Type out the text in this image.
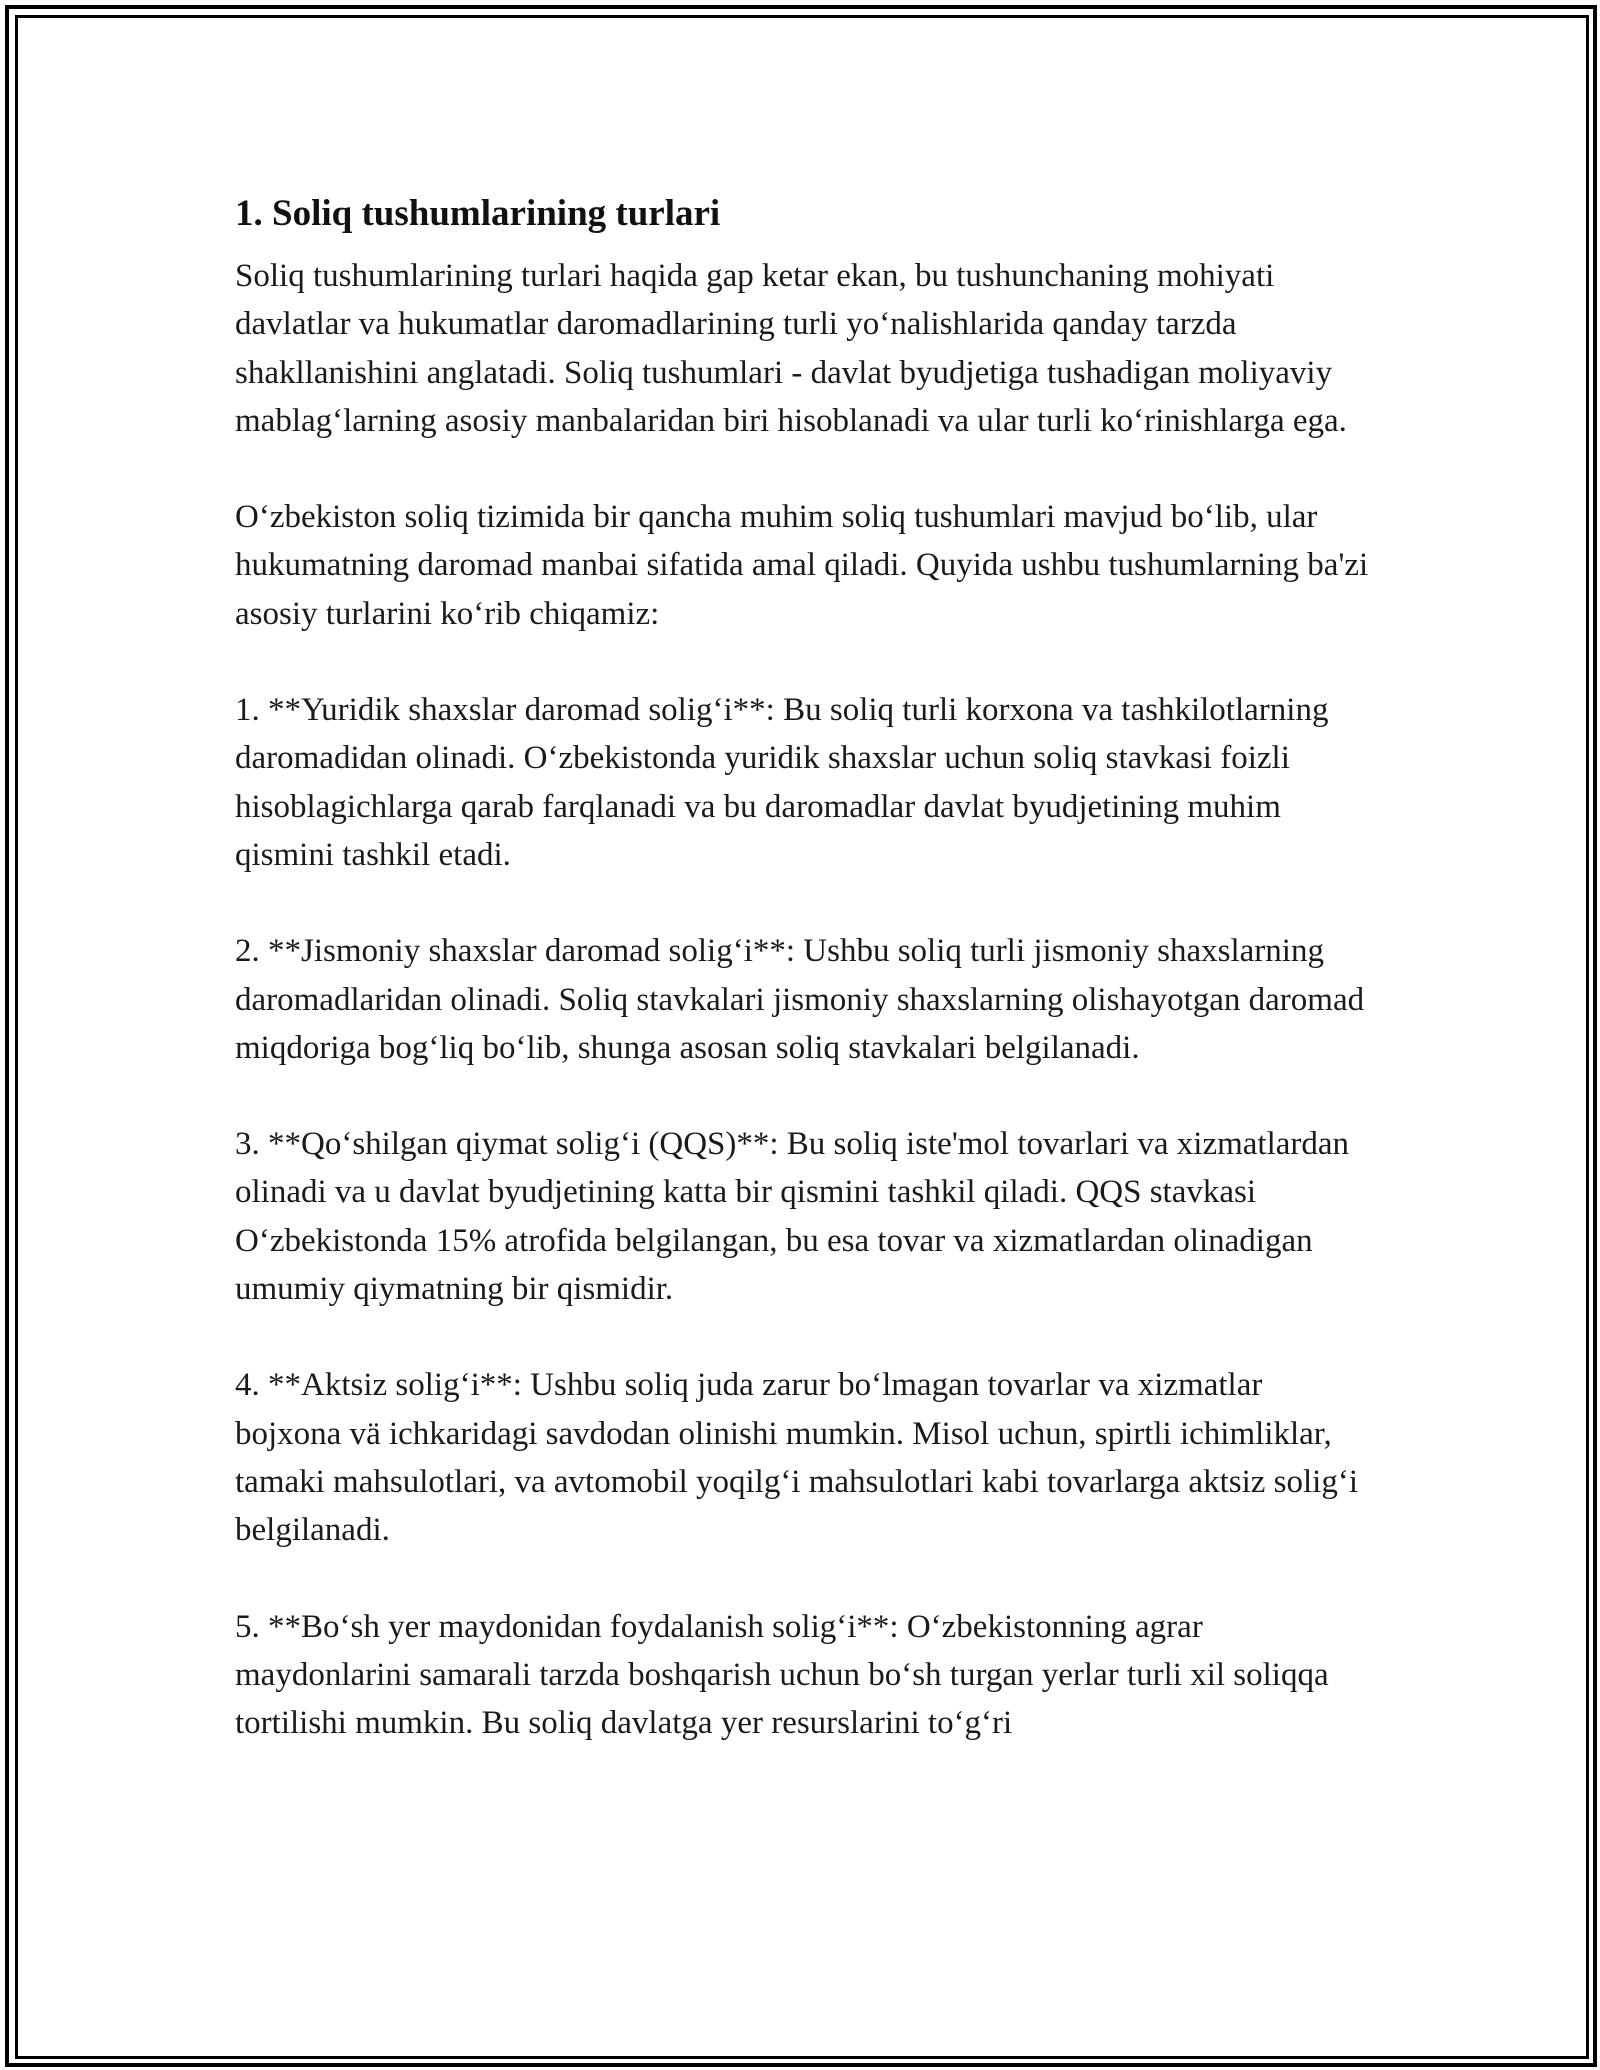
1. Soliq tushumlarining turlari

Soliq tushumlarining turlari haqida gap ketar ekan, bu tushunchaning mohiyati davlatlar va hukumatlar daromadlarining turli yo‘nalishlarida qanday tarzda shakllanishini anglatadi. Soliq tushumlari - davlat byudjetiga tushadigan moliyaviy mablag‘larning asosiy manbalaridan biri hisoblanadi va ular turli ko‘rinishlarga ega.

O‘zbekiston soliq tizimida bir qancha muhim soliq tushumlari mavjud bo‘lib, ular hukumatning daromad manbai sifatida amal qiladi. Quyida ushbu tushumlarning ba'zi asosiy turlarini ko‘rib chiqamiz:

1. **Yuridik shaxslar daromad solig‘i**: Bu soliq turli korxona va tashkilotlarning daromadidan olinadi. O‘zbekistonda yuridik shaxslar uchun soliq stavkasi foizli hisoblagichlarga qarab farqlanadi va bu daromadlar davlat byudjetining muhim qismini tashkil etadi.

2. **Jismoniy shaxslar daromad solig‘i**: Ushbu soliq turli jismoniy shaxslarning daromadlaridan olinadi. Soliq stavkalari jismoniy shaxslarning olishayotgan daromad miqdoriga bog‘liq bo‘lib, shunga asosan soliq stavkalari belgilanadi.

3. **Qo‘shilgan qiymat solig‘i (QQS)**: Bu soliq iste'mol tovarlari va xizmatlardan olinadi va u davlat byudjetining katta bir qismini tashkil qiladi. QQS stavkasi O‘zbekistonda 15% atrofida belgilangan, bu esa tovar va xizmatlardan olinadigan umumiy qiymatning bir qismidir.

4. **Aktsiz solig‘i**: Ushbu soliq juda zarur bo‘lmagan tovarlar va xizmatlar bojxona vä ichkaridagi savdodan olinishi mumkin. Misol uchun, spirtli ichimliklar, tamaki mahsulotlari, va avtomobil yoqilg‘i mahsulotlari kabi tovarlarga aktsiz solig‘i belgilanadi.

5. **Bo‘sh yer maydonidan foydalanish solig‘i**: O‘zbekistonning agrar maydonlarini samarali tarzda boshqarish uchun bo‘sh turgan yerlar turli xil soliqqa tortilishi mumkin. Bu soliq davlatga yer resurslarini to‘g‘ri
